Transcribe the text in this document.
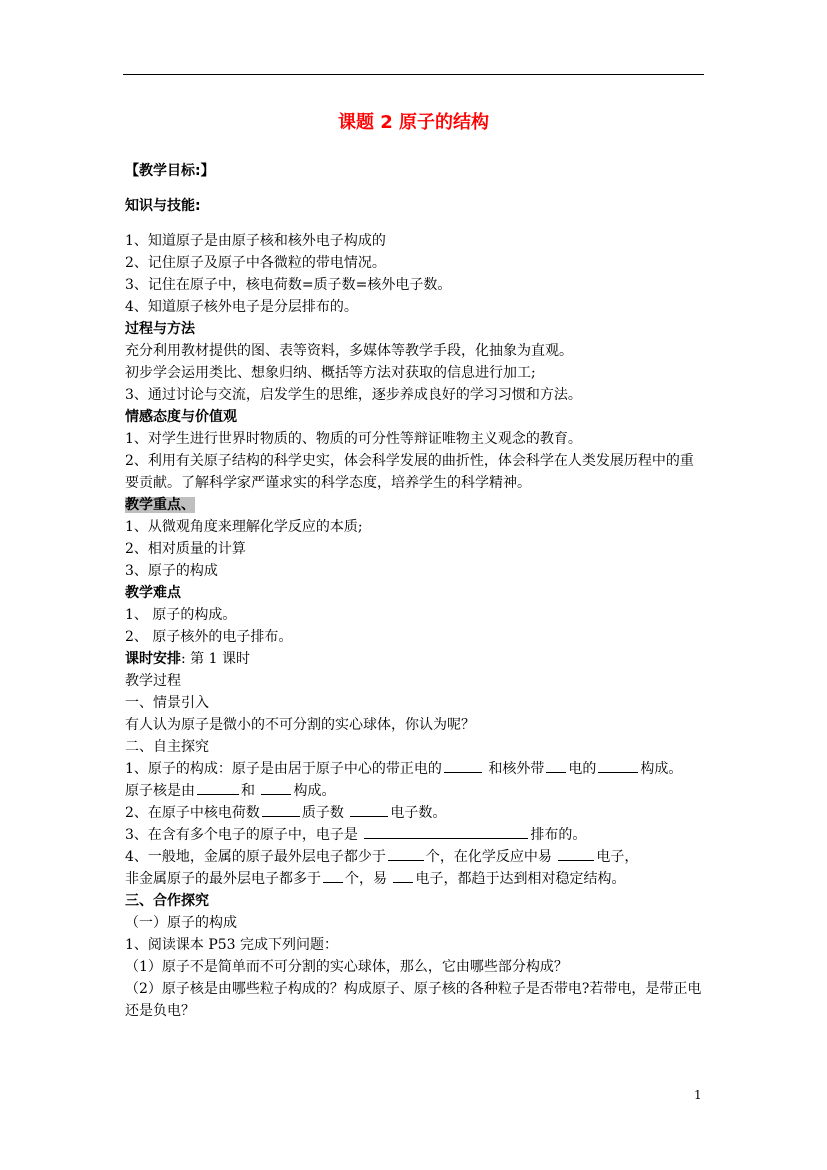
课题 2 原子的结构

【教学目标:】

知识与技能:

1、知道原子是由原子核和核外电子构成的

2、记住原子及原子中各微粒的带电情况。

3、记住在原子中，核电荷数=质子数=核外电子数。

4、知道原子核外电子是分层排布的。

过程与方法

充分利用教材提供的图、表等资料，多媒体等教学手段，化抽象为直观。

初步学会运用类比、想象归纳、概括等方法对获取的信息进行加工;

3、通过讨论与交流，启发学生的思维，逐步养成良好的学习习惯和方法。

情感态度与价值观

1、对学生进行世界时物质的、物质的可分性等辩证唯物主义观念的教育。

2、利用有关原子结构的科学史实，体会科学发展的曲折性，体会科学在人类发展历程中的重要贡献。了解科学家严谨求实的科学态度，培养学生的科学精神。

教学重点、

1、从微观角度来理解化学反应的本质;

2、相对质量的计算

3、原子的构成

教学难点

1、 原子的构成。

2、 原子核外的电子排布。

课时安排: 第 1 课时

教学过程

一、情景引入

有人认为原子是微小的不可分割的实心球体，你认为呢？

二、自主探究

1、原子的构成：原子是由居于原子中心的带正电的	和核外带 电的	构成。

原子核是由	和	构成。

2、在原子中核电荷数	质子数	电子数。

3、在含有多个电子的原子中，电子是	排布的。

4、一般地，金属的原子最外层电子都少于	个，在化学反应中易	电子，

非金属原子的最外层电子都多于 个，易 电子，都趋于达到相对稳定结构。

三、合作探究

（一）原子的构成

1、阅读课本 P53 完成下列问题：

（1）原子不是简单而不可分割的实心球体，那么，它由哪些部分构成？

（2）原子核是由哪些粒子构成的？构成原子、原子核的各种粒子是否带电?若带电，是带正电还是负电？

1
